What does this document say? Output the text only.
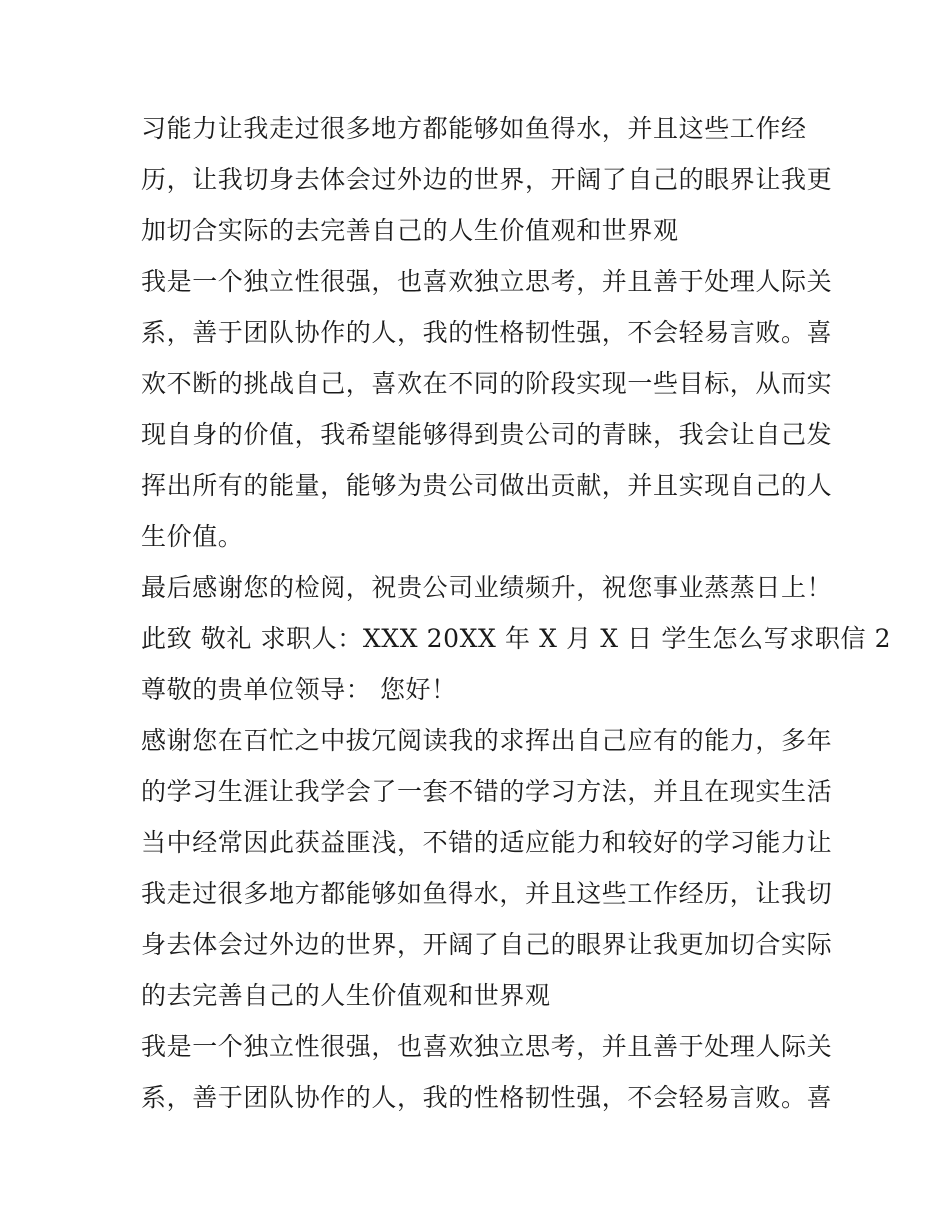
习能力让我走过很多地方都能够如鱼得水，并且这些工作经
历，让我切身去体会过外边的世界，开阔了自己的眼界让我更
加切合实际的去完善自己的人生价值观和世界观
我是一个独立性很强，也喜欢独立思考，并且善于处理人际关
系，善于团队协作的人，我的性格韧性强，不会轻易言败。喜
欢不断的挑战自己，喜欢在不同的阶段实现一些目标，从而实
现自身的价值，我希望能够得到贵公司的青睐，我会让自己发
挥出所有的能量，能够为贵公司做出贡献，并且实现自己的人
生价值。
最后感谢您的检阅，祝贵公司业绩频升，祝您事业蒸蒸日上！
此致 敬礼 求职人：XXX 20XX 年 X 月 X 日 学生怎么写求职信 2
尊敬的贵单位领导： 您好！
感谢您在百忙之中拔冗阅读我的求挥出自己应有的能力，多年
的学习生涯让我学会了一套不错的学习方法，并且在现实生活
当中经常因此获益匪浅，不错的适应能力和较好的学习能力让
我走过很多地方都能够如鱼得水，并且这些工作经历，让我切
身去体会过外边的世界，开阔了自己的眼界让我更加切合实际
的去完善自己的人生价值观和世界观
我是一个独立性很强，也喜欢独立思考，并且善于处理人际关
系，善于团队协作的人，我的性格韧性强，不会轻易言败。喜
